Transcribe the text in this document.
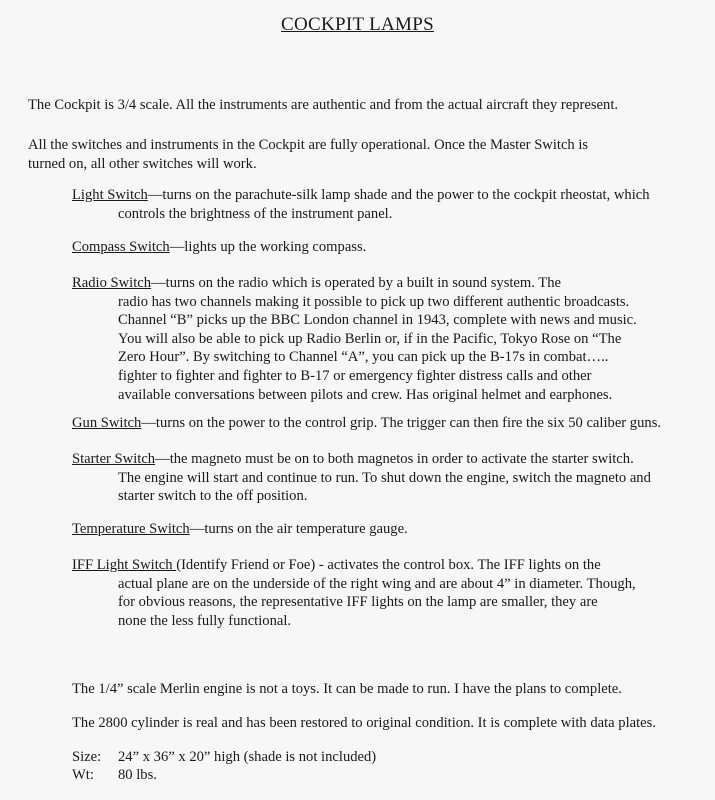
COCKPIT LAMPS
The Cockpit is 3/4 scale. All the instruments are authentic and from the actual aircraft they represent.
All the switches and instruments in the Cockpit are fully operational. Once the Master Switch is
turned on, all other switches will work.
Light Switch—turns on the parachute-silk lamp shade and the power to the cockpit rheostat, which
controls the brightness of the instrument panel.
Compass Switch—lights up the working compass.
Radio Switch—turns on the radio which is operated by a built in sound system. The
radio has two channels making it possible to pick up two different authentic broadcasts.
Channel “B” picks up the BBC London channel in 1943, complete with news and music.
You will also be able to pick up Radio Berlin or, if in the Pacific, Tokyo Rose on “The
Zero Hour”. By switching to Channel “A”, you can pick up the B-17s in combat…..
fighter to fighter and fighter to B-17 or emergency fighter distress calls and other
available conversations between pilots and crew. Has original helmet and earphones.
Gun Switch—turns on the power to the control grip. The trigger can then fire the six 50 caliber guns.
Starter Switch—the magneto must be on to both magnetos in order to activate the starter switch.
The engine will start and continue to run. To shut down the engine, switch the magneto and
starter switch to the off position.
Temperature Switch—turns on the air temperature gauge.
IFF Light Switch (Identify Friend or Foe) - activates the control box. The IFF lights on the
actual plane are on the underside of the right wing and are about 4” in diameter. Though,
for obvious reasons, the representative IFF lights on the lamp are smaller, they are
none the less fully functional.
The 1/4” scale Merlin engine is not a toys. It can be made to run. I have the plans to complete.
The 2800 cylinder is real and has been restored to original condition. It is complete with data plates.
Size: 24” x 36” x 20” high (shade is not included)
Wt: 80 lbs.
